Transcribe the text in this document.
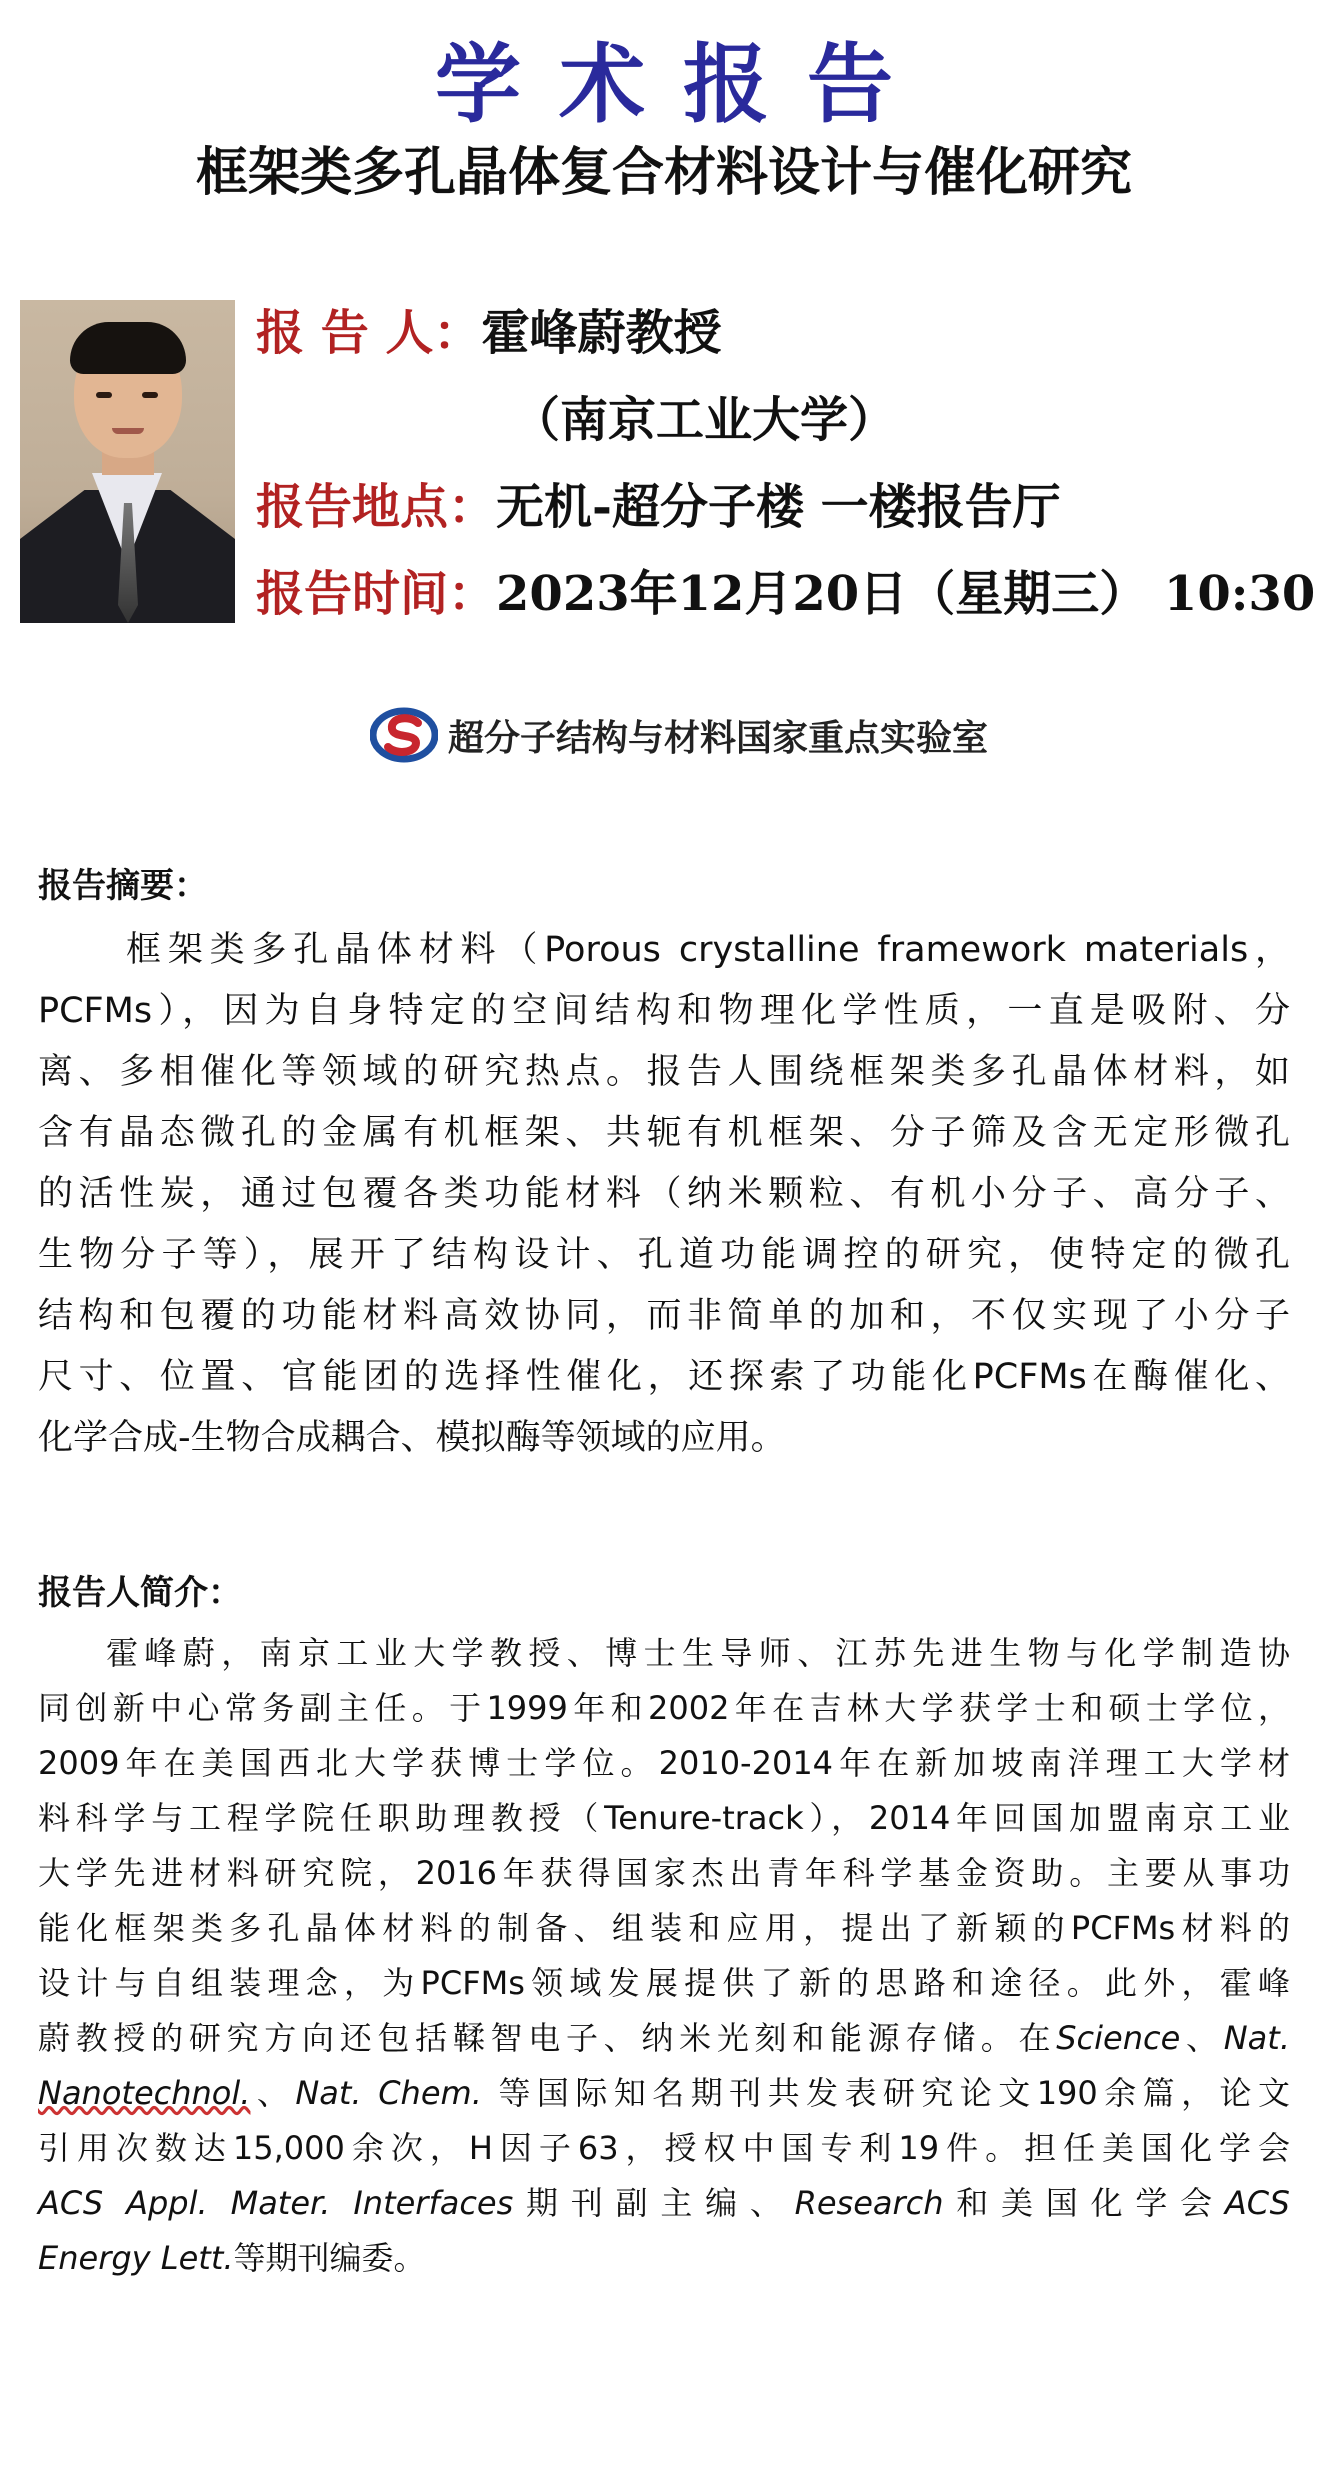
学术报告
框架类多孔晶体复合材料设计与催化研究
报 告 人：霍峰蔚教授
（南京工业大学）
报告地点：无机-超分子楼 一楼报告厅
报告时间：2023年12月20日（星期三） 10:30
超分子结构与材料国家重点实验室
报告摘要：
框架类多孔晶体材料（Porous crystalline framework materials，
PCFMs），因为自身特定的空间结构和物理化学性质，一直是吸附、分
离、多相催化等领域的研究热点。报告人围绕框架类多孔晶体材料，如
含有晶态微孔的金属有机框架、共轭有机框架、分子筛及含无定形微孔
的活性炭，通过包覆各类功能材料（纳米颗粒、有机小分子、高分子、
生物分子等），展开了结构设计、孔道功能调控的研究，使特定的微孔
结构和包覆的功能材料高效协同，而非简单的加和，不仅实现了小分子
尺寸、位置、官能团的选择性催化，还探索了功能化PCFMs在酶催化、
化学合成-生物合成耦合、模拟酶等领域的应用。
报告人简介：
霍峰蔚，南京工业大学教授、博士生导师、江苏先进生物与化学制造协
同创新中心常务副主任。于1999年和2002年在吉林大学获学士和硕士学位，
2009年在美国西北大学获博士学位。2010-2014年在新加坡南洋理工大学材
料科学与工程学院任职助理教授（Tenure-track），2014年回国加盟南京工业
大学先进材料研究院，2016年获得国家杰出青年科学基金资助。主要从事功
能化框架类多孔晶体材料的制备、组装和应用，提出了新颖的PCFMs材料的
设计与自组装理念，为PCFMs领域发展提供了新的思路和途径。此外，霍峰
蔚教授的研究方向还包括鞣智电子、纳米光刻和能源存储。在Science、Nat.
Nanotechnol.、Nat. Chem. 等国际知名期刊共发表研究论文190余篇，论文
引用次数达15,000余次，H因子63，授权中国专利19件。担任美国化学会
ACS Appl. Mater. Interfaces期刊副主编、Research和美国化学会ACS
Energy Lett.等期刊编委。
